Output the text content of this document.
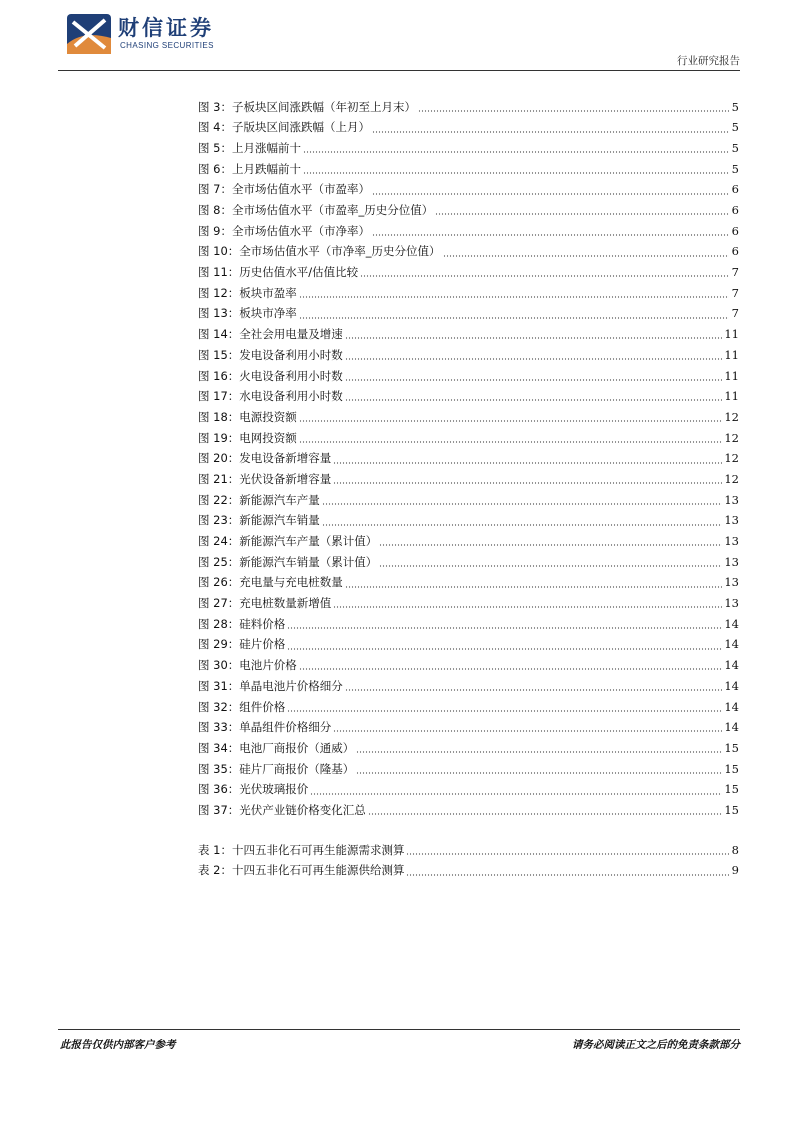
财信证券
CHASING SECURITIES
行业研究报告
图 3：子板块区间涨跌幅（年初至上月末）	5
图 4：子版块区间涨跌幅（上月）	5
图 5：上月涨幅前十	5
图 6：上月跌幅前十	5
图 7：全市场估值水平（市盈率）	6
图 8：全市场估值水平（市盈率_历史分位值）	6
图 9：全市场估值水平（市净率）	6
图 10：全市场估值水平（市净率_历史分位值）	6
图 11：历史估值水平/估值比较	7
图 12：板块市盈率	7
图 13：板块市净率	7
图 14：全社会用电量及增速	11
图 15：发电设备利用小时数	11
图 16：火电设备利用小时数	11
图 17：水电设备利用小时数	11
图 18：电源投资额	12
图 19：电网投资额	12
图 20：发电设备新增容量	12
图 21：光伏设备新增容量	12
图 22：新能源汽车产量	13
图 23：新能源汽车销量	13
图 24：新能源汽车产量（累计值）	13
图 25：新能源汽车销量（累计值）	13
图 26：充电量与充电桩数量	13
图 27：充电桩数量新增值	13
图 28：硅料价格	14
图 29：硅片价格	14
图 30：电池片价格	14
图 31：单晶电池片价格细分	14
图 32：组件价格	14
图 33：单晶组件价格细分	14
图 34：电池厂商报价（通威）	15
图 35：硅片厂商报价（隆基）	15
图 36：光伏玻璃报价	15
图 37：光伏产业链价格变化汇总	15
表 1：十四五非化石可再生能源需求测算	8
表 2：十四五非化石可再生能源供给测算	9
此报告仅供内部客户参考	请务必阅读正文之后的免责条款部分
